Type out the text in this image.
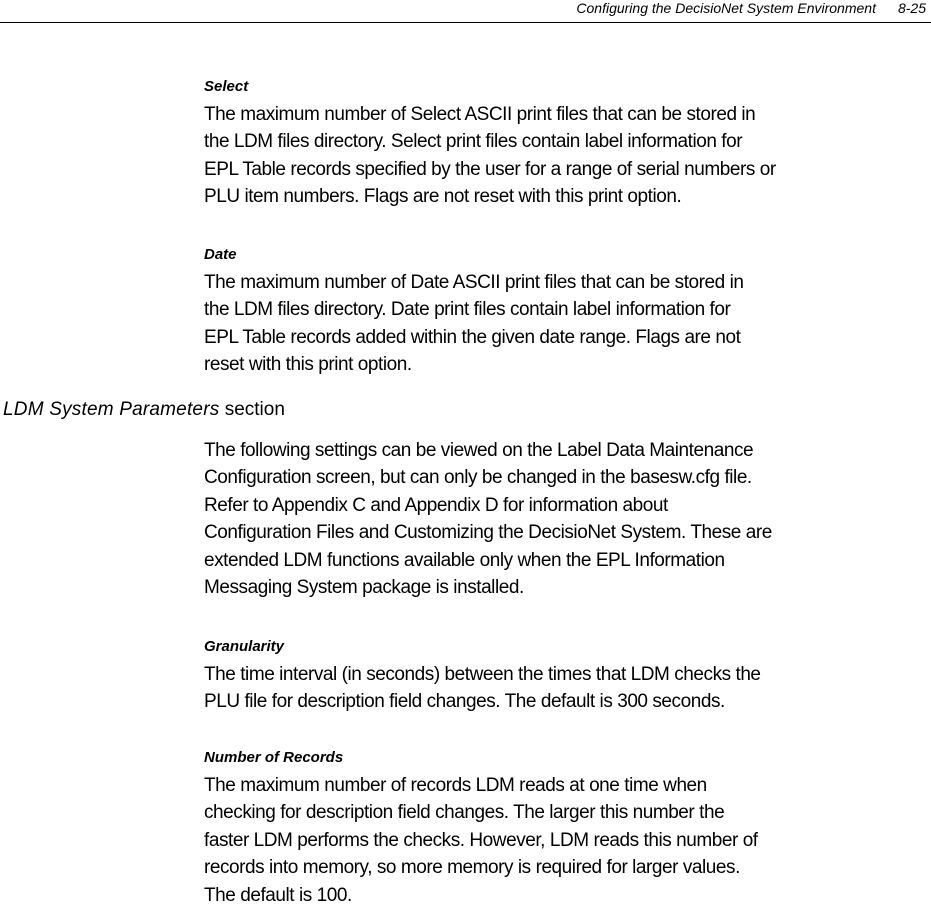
Configuring the DecisioNet System Environment 8-25
Select
The maximum number of Select ASCII print files that can be stored in
the LDM files directory. Select print files contain label information for
EPL Table records specified by the user for a range of serial numbers or
PLU item numbers. Flags are not reset with this print option.
Date
The maximum number of Date ASCII print files that can be stored in
the LDM files directory. Date print files contain label information for
EPL Table records added within the given date range. Flags are not
reset with this print option.
LDM System Parameters section
The following settings can be viewed on the Label Data Maintenance
Configuration screen, but can only be changed in the basesw.cfg file.
Refer to Appendix C and Appendix D for information about
Configuration Files and Customizing the DecisioNet System. These are
extended LDM functions available only when the EPL Information
Messaging System package is installed.
Granularity
The time interval (in seconds) between the times that LDM checks the
PLU file for description field changes. The default is 300 seconds.
Number of Records
The maximum number of records LDM reads at one time when
checking for description field changes. The larger this number the
faster LDM performs the checks. However, LDM reads this number of
records into memory, so more memory is required for larger values.
The default is 100.
